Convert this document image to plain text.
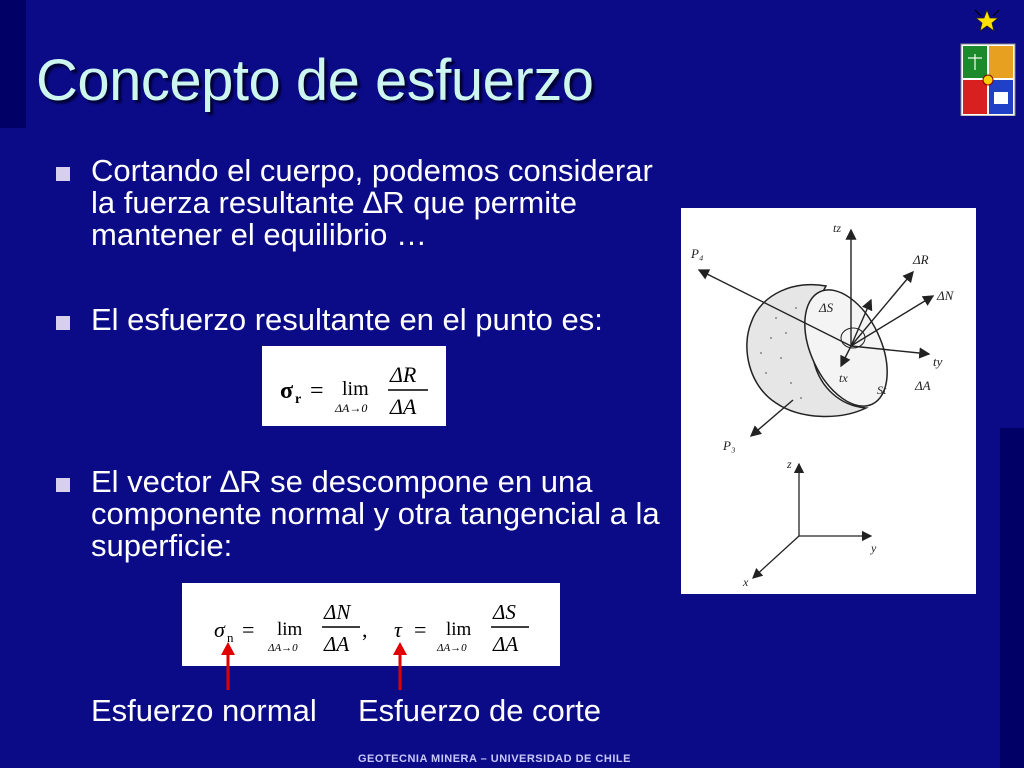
Concepto de esfuerzo
Cortando el cuerpo, podemos considerar la fuerza resultante ∆R que permite mantener el equilibrio …
El esfuerzo resultante en el punto es:
σ r = lim
ΔA→0
ΔR
ΔA
El vector ∆R se descompone en una componente normal y otra tangencial a la superficie:
σ n = lim
ΔA→0
ΔN
ΔA
, τ = lim
ΔA→0
ΔS
ΔA
Esfuerzo normal Esfuerzo de corte
P₄
tz
ΔR
ΔN
ΔS
ty
tx
St ΔA
P₃
z
y
x
GEOTECNIA MINERA – UNIVERSIDAD DE CHILE
